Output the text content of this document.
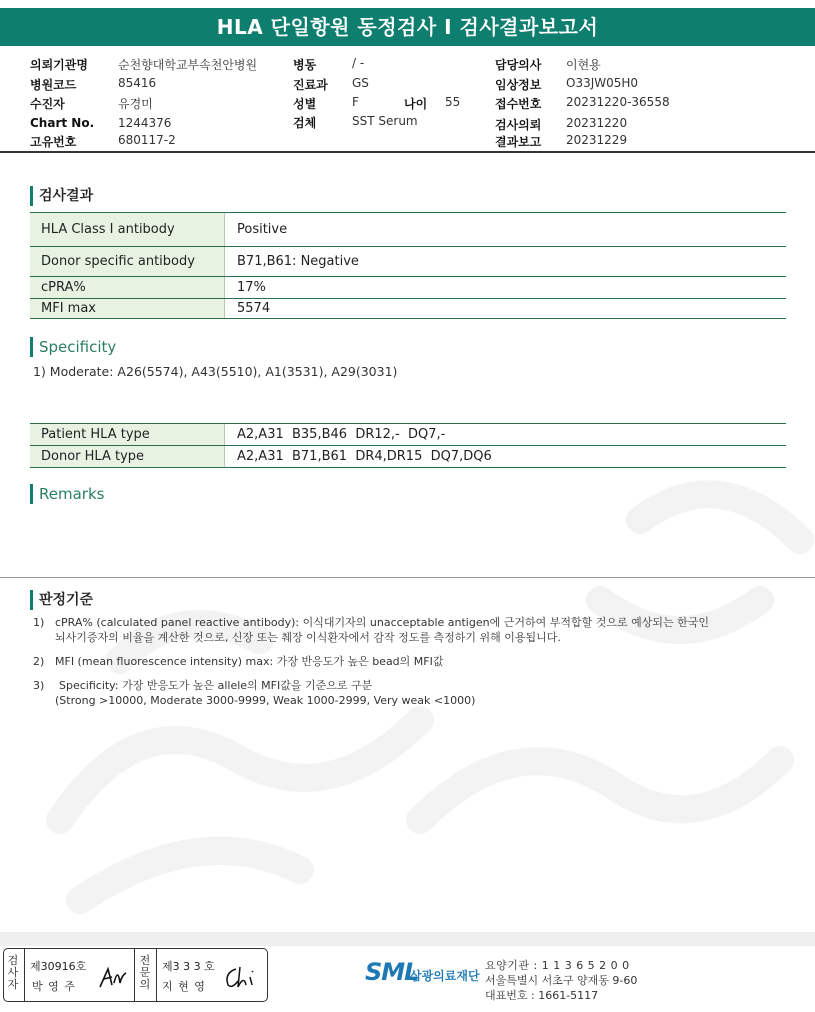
HLA 단일항원 동정검사 I 검사결과보고서
의뢰기관명	순천향대학교부속천안병원
병원코드	85416
수진자	유경미
Chart No. 1244376
고유번호	680117-2
병동	/ -
진료과 GS
성별	F	나이 55
검체	SST Serum
담당의사 이현용
임상정보 O33JW05H0
접수번호 20231220-36558
검사의뢰 20231220
결과보고 20231229
검사결과
HLA Class I antibody	Positive
Donor specific antibody	B71,B61: Negative
cPRA%	17%
MFI max	5574
Specificity
1) Moderate: A26(5574), A43(5510), A1(3531), A29(3031)
Patient HLA type	A2,A31  B35,B46  DR12,-  DQ7,-
Donor HLA type	A2,A31  B71,B61  DR4,DR15  DQ7,DQ6
Remarks
판정기준
1) cPRA% (calculated panel reactive antibody): 이식대기자의 unacceptable antigen에 근거하여 부적합할 것으로 예상되는 한국인
뇌사기증자의 비율을 계산한 것으로, 신장 또는 췌장 이식환자에서 감작 정도를 측정하기 위해 이용됩니다.
2) MFI (mean fluorescence intensity) max: 가장 반응도가 높은 bead의 MFI값
3) Specificity: 가장 반응도가 높은 allele의 MFI값을 기준으로 구분
(Strong >10000, Moderate 3000-9999, Weak 1000-2999, Very weak <1000)
검사자
제30916호
박 영 주
전문의
제3 3 3 호
지 현 영
SML
삼광의료재단
요양기관 : 1 1 3 6 5 2 0 0
서울특별시 서초구 양재동 9-60
대표번호 : 1661-5117
